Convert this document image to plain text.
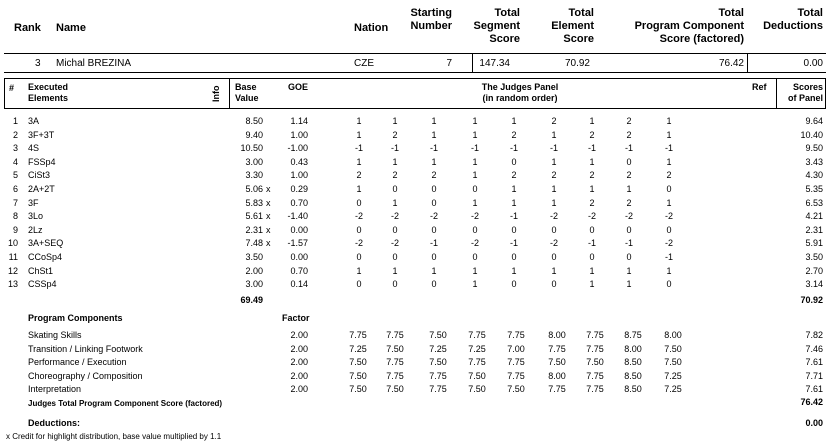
Rank Name	Nation
Starting
Number
Total
Segment
Score
Total
Element
Score
Total
Program Component
Score (factored)
Total
Deductions
3 Michal BREZINA	CZE	7	147.34	70.92	76.42	0.00
# Executed
Elements	Info Base
Value
GOE	The Judges Panel
(in random order)
Ref	Scores
of Panel
1 3A	8.50	1.14	1	1	1	1	1	2	1	2	1	9.64
2 3F+3T	9.40	1.00	1	2	1	1	2	1	2	2	1	10.40
3 4S	10.50	-1.00	-1	-1	-1	-1	-1	-1	-1	-1	-1	9.50
4 FSSp4	3.00	0.43	1	1	1	1	0	1	1	0	1	3.43
5 CiSt3	3.30	1.00	2	2	2	1	2	2	2	2	2	4.30
6 2A+2T	5.06 x	0.29	1	0	0	0	1	1	1	1	0	5.35
7 3F	5.83 x	0.70	0	1	0	1	1	1	2	2	1	6.53
8 3Lo	5.61 x	-1.40	-2	-2	-2	-2	-1	-2	-2	-2	-2	4.21
9 2Lz	2.31 x	0.00	0	0	0	0	0	0	0	0	0	2.31
10 3A+SEQ	7.48 x	-1.57	-2	-2	-1	-2	-1	-2	-1	-1	-2	5.91
11 CCoSp4	3.50	0.00	0	0	0	0	0	0	0	0	-1	3.50
12 ChSt1	2.00	0.70	1	1	1	1	1	1	1	1	1	2.70
13 CSSp4	3.00	0.14	0	0	0	1	0	0	1	1	0	3.14
Skating Skills	2.00	7.75	7.75	7.50	7.75	7.75	8.00	7.75	8.75	8.00	7.82
Transition / Linking Footwork	2.00	7.25	7.50	7.25	7.25	7.00	7.75	7.75	8.00	7.50	7.46
Performance / Execution	2.00	7.50	7.75	7.50	7.75	7.75	7.50	7.50	8.50	7.50	7.61
Choreography / Composition	2.00	7.50	7.75	7.75	7.50	7.75	8.00	7.75	8.50	7.25	7.71
Interpretation	2.00	7.50	7.50	7.75	7.50	7.50	7.75	7.75	8.50	7.25	7.61
69.49	70.92
Program Components	Factor
Judges Total Program Component Score (factored)	76.42
Deductions:	0.00
x Credit for highlight distribution, base value multiplied by 1.1
